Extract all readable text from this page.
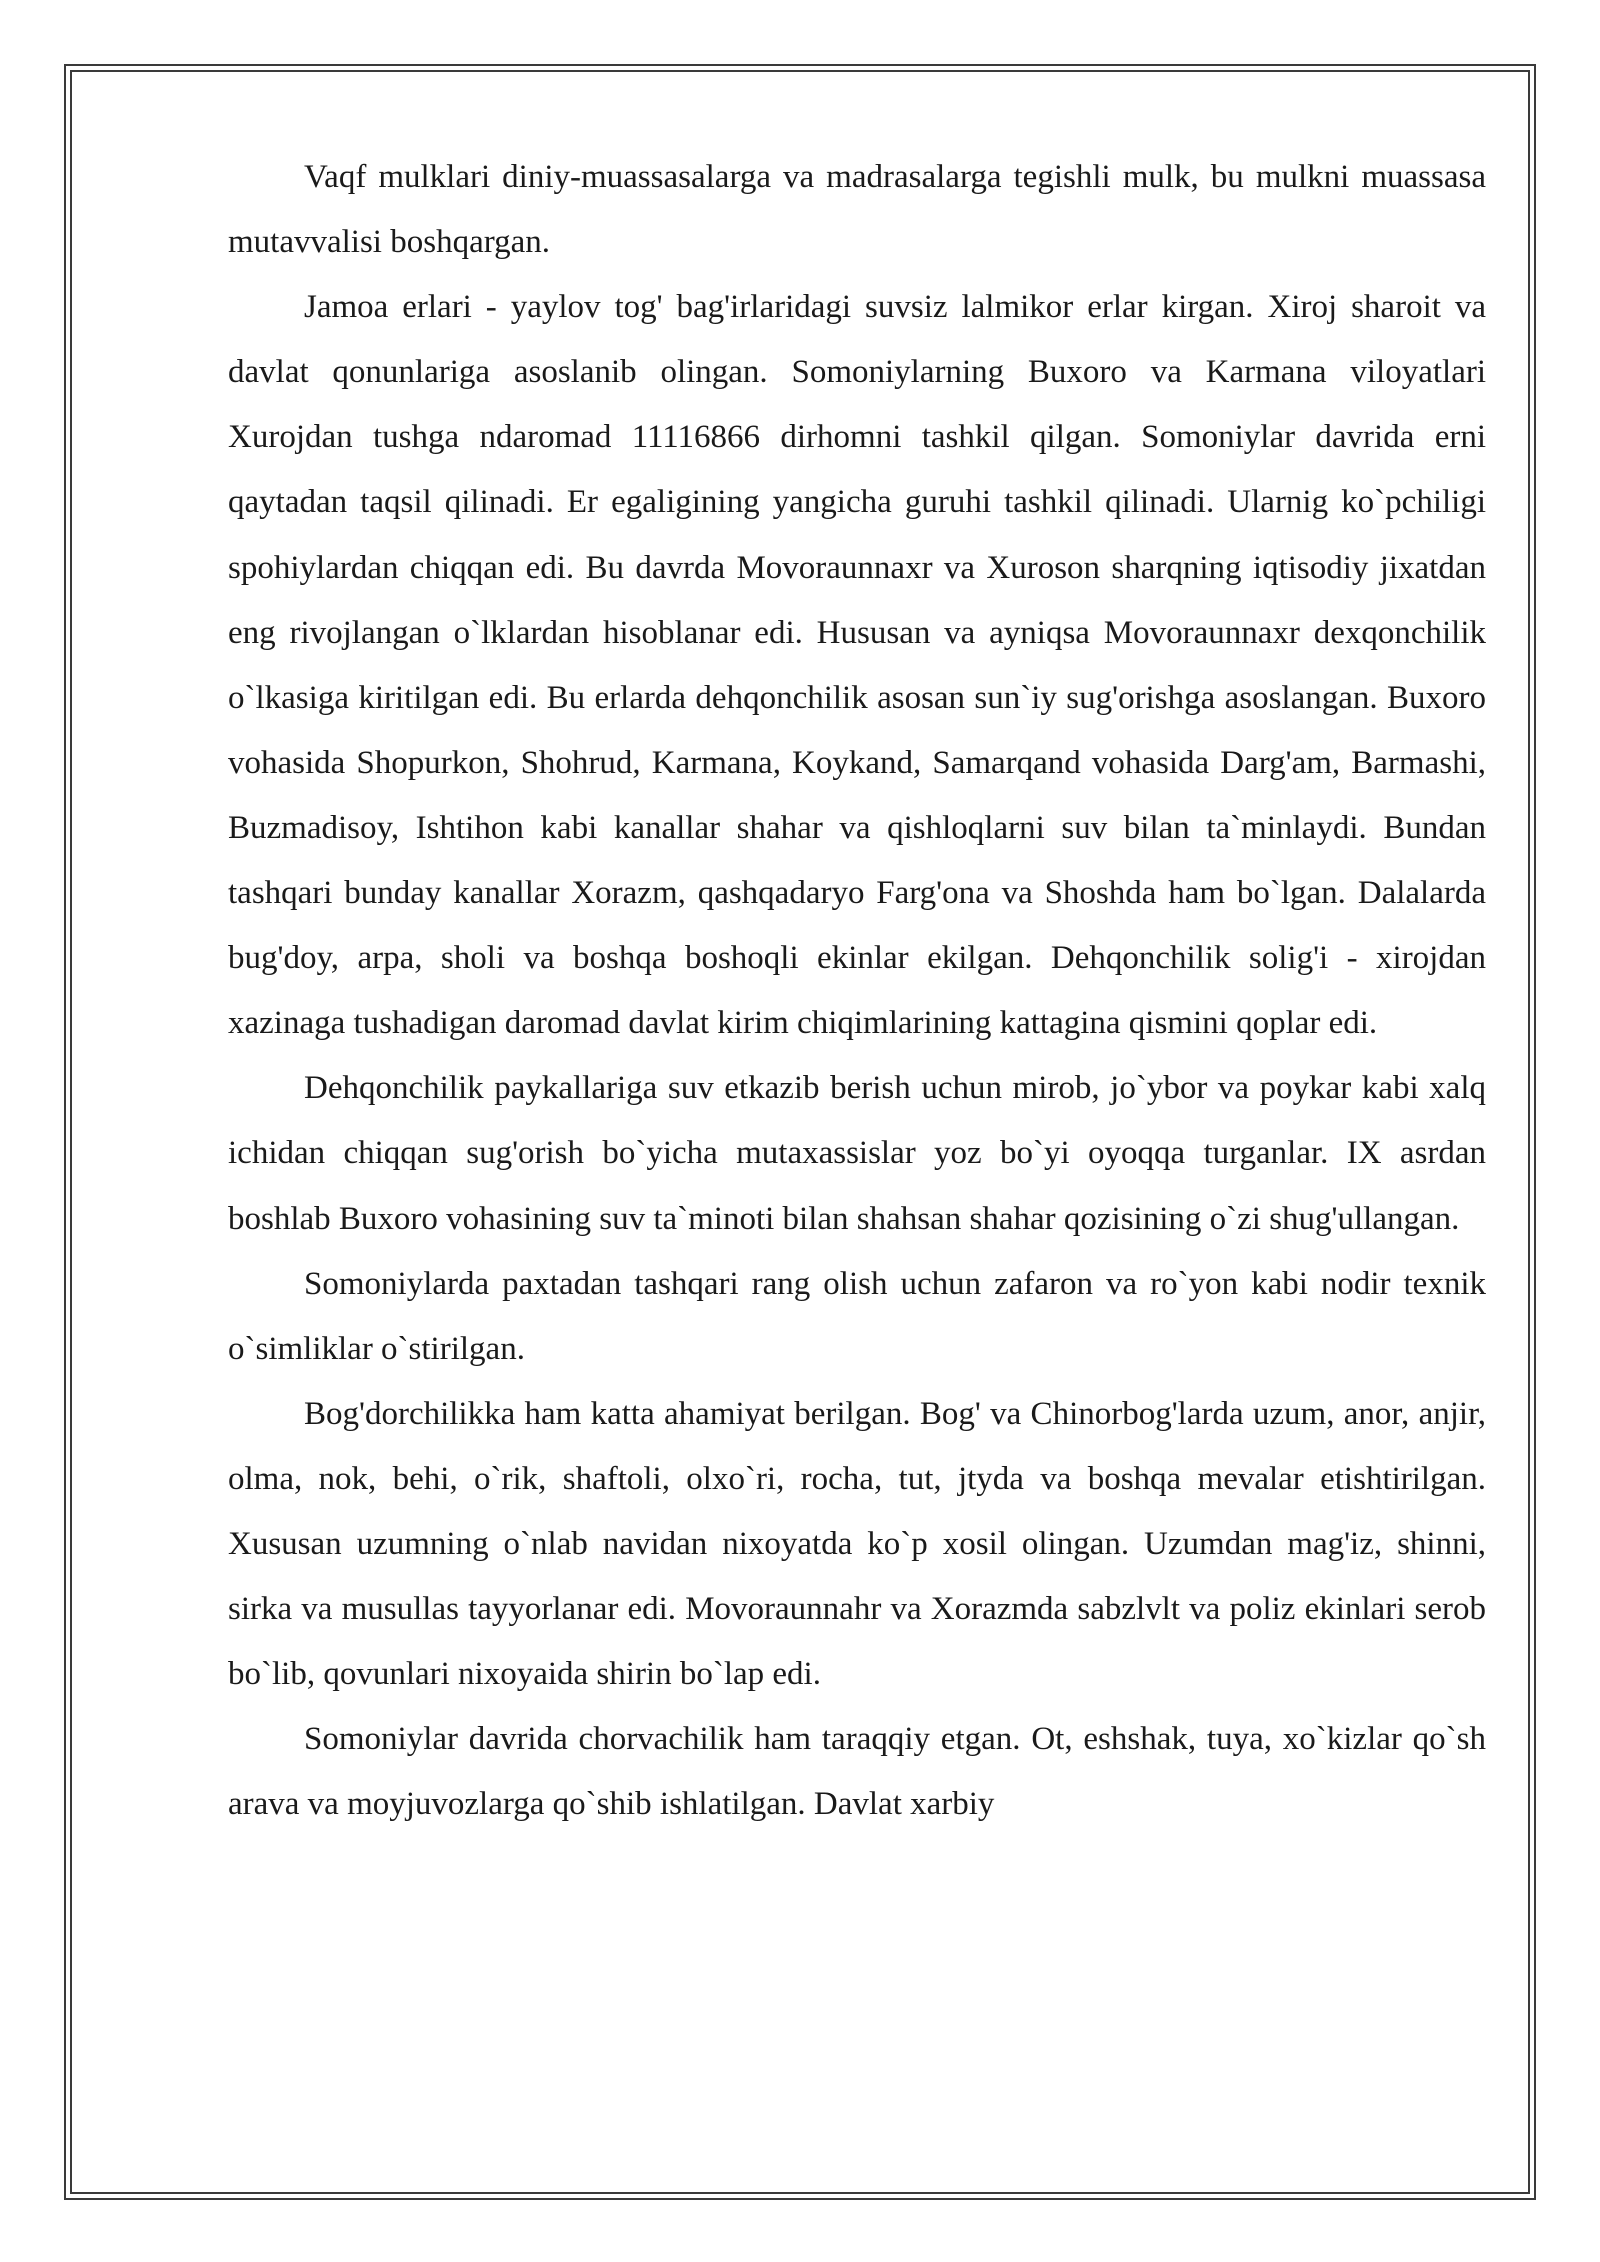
Vaqf mulklari diniy-muassasalarga va madrasalarga tegishli mulk, bu mulkni muassasa mutavvalisi boshqargan.

Jamoa erlari - yaylov tog' bag'irlaridagi suvsiz lalmikor erlar kirgan. Xiroj sharoit va davlat qonunlariga asoslanib olingan. Somoniylarning Buxoro va Karmana viloyatlari Xurojdan tushga ndaromad 11116866 dirhomni tashkil qilgan. Somoniylar davrida erni qaytadan taqsil qilinadi. Er egaligining yangicha guruhi tashkil qilinadi. Ularnig ko`pchiligi spohiylardan chiqqan edi. Bu davrda Movoraunnaxr va Xuroson sharqning iqtisodiy jixatdan eng rivojlangan o`lklardan hisoblanar edi. Hususan va ayniqsa Movoraunnaxr dexqonchilik o`lkasiga kiritilgan edi. Bu erlarda dehqonchilik asosan sun`iy sug'orishga asoslangan. Buxoro vohasida Shopurkon, Shohrud, Karmana, Koykand, Samarqand vohasida Darg'am, Barmashi, Buzmadisoy, Ishtihon kabi kanallar shahar va qishloqlarni suv bilan ta`minlaydi. Bundan tashqari bunday kanallar Xorazm, qashqadaryo Farg'ona va Shoshda ham bo`lgan. Dalalarda bug'doy, arpa, sholi va boshqa boshoqli ekinlar ekilgan. Dehqonchilik solig'i - xirojdan xazinaga tushadigan daromad davlat kirim chiqimlarining kattagina qismini qoplar edi.

Dehqonchilik paykallariga suv etkazib berish uchun mirob, jo`ybor va poykar kabi xalq ichidan chiqqan sug'orish bo`yicha mutaxassislar yoz bo`yi oyoqqa turganlar. IX asrdan boshlab Buxoro vohasining suv ta`minoti bilan shahsan shahar qozisining o`zi shug'ullangan.

Somoniylarda paxtadan tashqari rang olish uchun zafaron va ro`yon kabi nodir texnik o`simliklar o`stirilgan.

Bog'dorchilikka ham katta ahamiyat berilgan. Bog' va Chinorbog'larda uzum, anor, anjir, olma, nok, behi, o`rik, shaftoli, olxo`ri, rocha, tut, jtyda va boshqa mevalar etishtirilgan. Xususan uzumning o`nlab navidan nixoyatda ko`p xosil olingan. Uzumdan mag'iz, shinni, sirka va musullas tayyorlanar edi. Movoraunnahr va Xorazmda sabzlvlt va poliz ekinlari serob bo`lib, qovunlari nixoyaida shirin bo`lap edi.

Somoniylar davrida chorvachilik ham taraqqiy etgan. Ot, eshshak, tuya, xo`kizlar qo`sh arava va moyjuvozlarga qo`shib ishlatilgan. Davlat xarbiy
